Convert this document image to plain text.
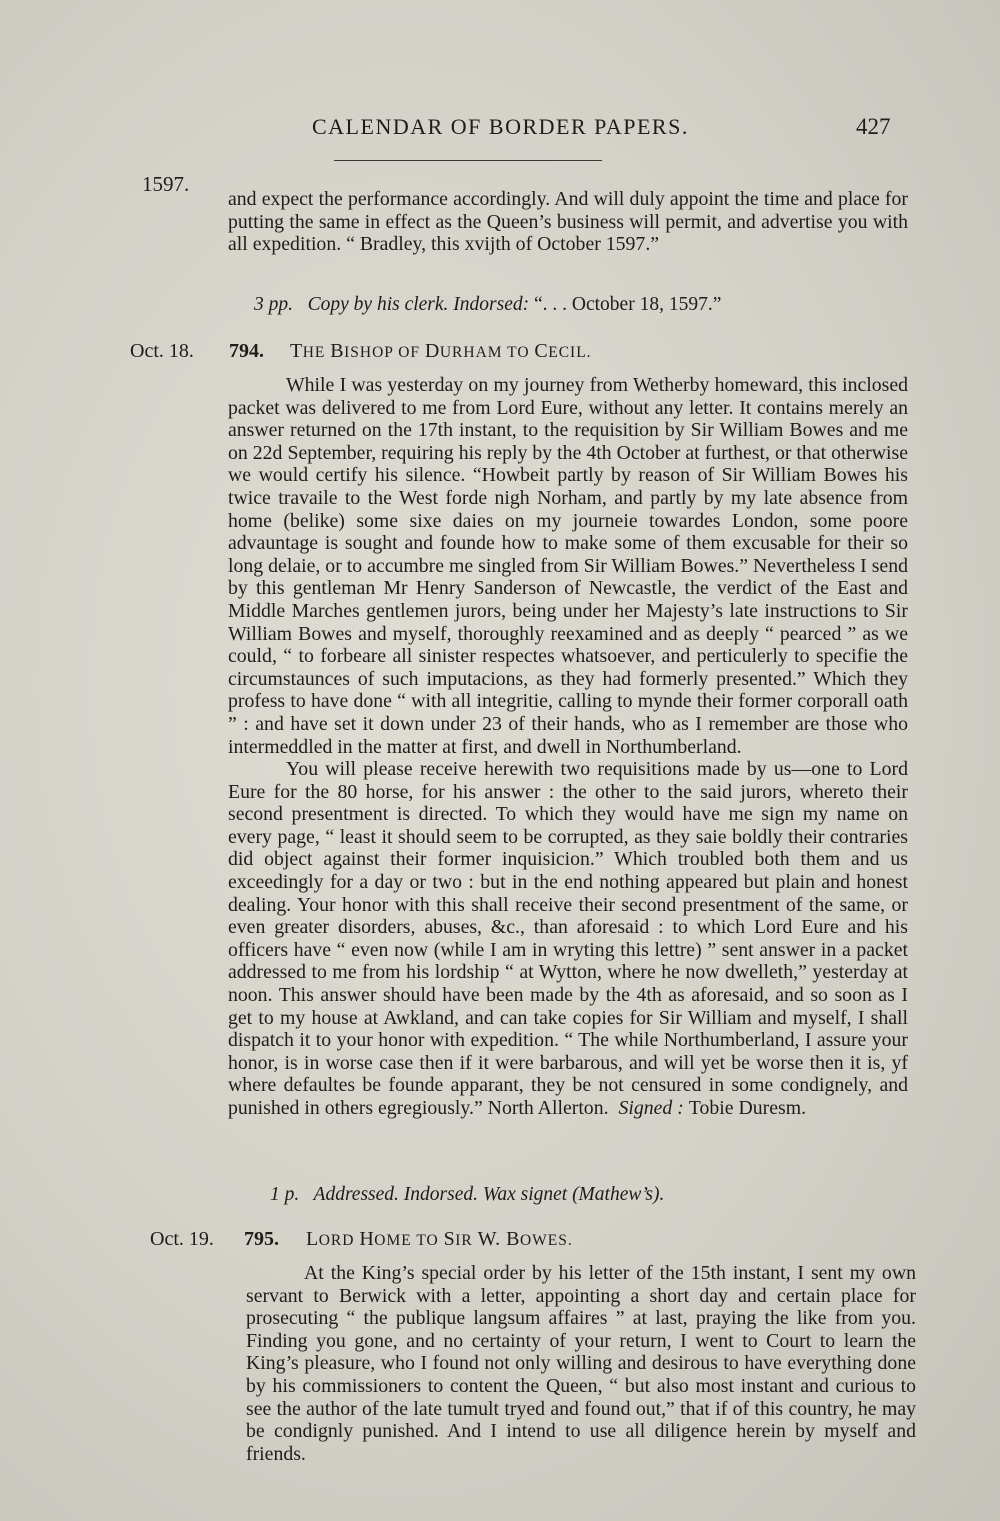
CALENDAR OF BORDER PAPERS.	427
1597.

and expect the performance accordingly. And will duly appoint the time and place for putting the same in effect as the Queen’s business will permit, and advertise you with all expedition. “ Bradley, this xvijth of October 1597.”

3 pp. Copy by his clerk. Indorsed: “. . . October 18, 1597.”
Oct. 18. 794. THE BISHOP OF DURHAM TO CECIL.

While I was yesterday on my journey from Wetherby homeward, this inclosed packet was delivered to me from Lord Eure, without any letter. It contains merely an answer returned on the 17th instant, to the requisition by Sir William Bowes and me on 22d September, requiring his reply by the 4th October at furthest, or that otherwise we would certify his silence. “Howbeit partly by reason of Sir William Bowes his twice travaile to the West forde nigh Norham, and partly by my late absence from home (belike) some sixe daies on my journeie towardes London, some poore advauntage is sought and founde how to make some of them excusable for their so long delaie, or to accumbre me singled from Sir William Bowes.” Nevertheless I send by this gentleman Mr Henry Sanderson of Newcastle, the verdict of the East and Middle Marches gentlemen jurors, being under her Majesty’s late instructions to Sir William Bowes and myself, thoroughly reexamined and as deeply “ pearced ” as we could, “ to forbeare all sinister respectes whatsoever, and perticulerly to specifie the circumstaunces of such imputacions, as they had formerly presented.” Which they profess to have done “ with all integritie, calling to mynde their former corporall oath ” : and have set it down under 23 of their hands, who as I remember are those who intermeddled in the matter at first, and dwell in Northumberland.

You will please receive herewith two requisitions made by us—one to Lord Eure for the 80 horse, for his answer : the other to the said jurors, whereto their second presentment is directed. To which they would have me sign my name on every page, “ least it should seem to be corrupted, as they saie boldly their contraries did object against their former inquisicion.” Which troubled both them and us exceedingly for a day or two : but in the end nothing appeared but plain and honest dealing. Your honor with this shall receive their second presentment of the same, or even greater disorders, abuses, &c., than aforesaid : to which Lord Eure and his officers have “ even now (while I am in wryting this lettre) ” sent answer in a packet addressed to me from his lordship “ at Wytton, where he now dwelleth,” yesterday at noon. This answer should have been made by the 4th as aforesaid, and so soon as I get to my house at Awkland, and can take copies for Sir William and myself, I shall dispatch it to your honor with expedition. “ The while Northumberland, I assure your honor, is in worse case then if it were barbarous, and will yet be worse then it is, yf where defaultes be founde apparant, they be not censured in some condignely, and punished in others egregiously.” North Allerton. Signed : Tobie Duresm.

1 p. Addressed. Indorsed. Wax signet (Mathew’s).
Oct. 19. 795. LORD HOME TO SIR W. BOWES.

At the King’s special order by his letter of the 15th instant, I sent my own servant to Berwick with a letter, appointing a short day and certain place for prosecuting “ the publique langsum affaires ” at last, praying the like from you. Finding you gone, and no certainty of your return, I went to Court to learn the King’s pleasure, who I found not only willing and desirous to have everything done by his commissioners to content the Queen, “ but also most instant and curious to see the author of the late tumult tryed and found out,” that if of this country, he may be condignly punished. And I intend to use all diligence herein by myself and friends.
